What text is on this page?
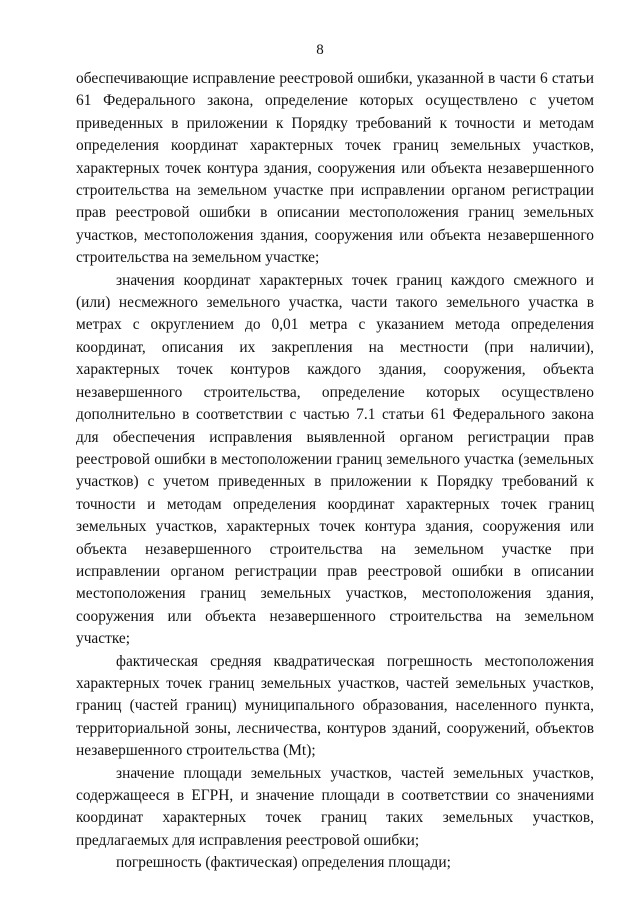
8

обеспечивающие исправление реестровой ошибки, указанной в части 6 статьи 61 Федерального закона, определение которых осуществлено с учетом приведенных в приложении к Порядку требований к точности и методам определения координат характерных точек границ земельных участков, характерных точек контура здания, сооружения или объекта незавершенного строительства на земельном участке при исправлении органом регистрации прав реестровой ошибки в описании местоположения границ земельных участков, местоположения здания, сооружения или объекта незавершенного строительства на земельном участке;

значения координат характерных точек границ каждого смежного и (или) несмежного земельного участка, части такого земельного участка в метрах с округлением до 0,01 метра с указанием метода определения координат, описания их закрепления на местности (при наличии), характерных точек контуров каждого здания, сооружения, объекта незавершенного строительства, определение которых осуществлено дополнительно в соответствии с частью 7.1 статьи 61 Федерального закона для обеспечения исправления выявленной органом регистрации прав реестровой ошибки в местоположении границ земельного участка (земельных участков) с учетом приведенных в приложении к Порядку требований к точности и методам определения координат характерных точек границ земельных участков, характерных точек контура здания, сооружения или объекта незавершенного строительства на земельном участке при исправлении органом регистрации прав реестровой ошибки в описании местоположения границ земельных участков, местоположения здания, сооружения или объекта незавершенного строительства на земельном участке;

фактическая средняя квадратическая погрешность местоположения характерных точек границ земельных участков, частей земельных участков, границ (частей границ) муниципального образования, населенного пункта, территориальной зоны, лесничества, контуров зданий, сооружений, объектов незавершенного строительства (Mt);

значение площади земельных участков, частей земельных участков, содержащееся в ЕГРН, и значение площади в соответствии со значениями координат характерных точек границ таких земельных участков, предлагаемых для исправления реестровой ошибки;

погрешность (фактическая) определения площади;
